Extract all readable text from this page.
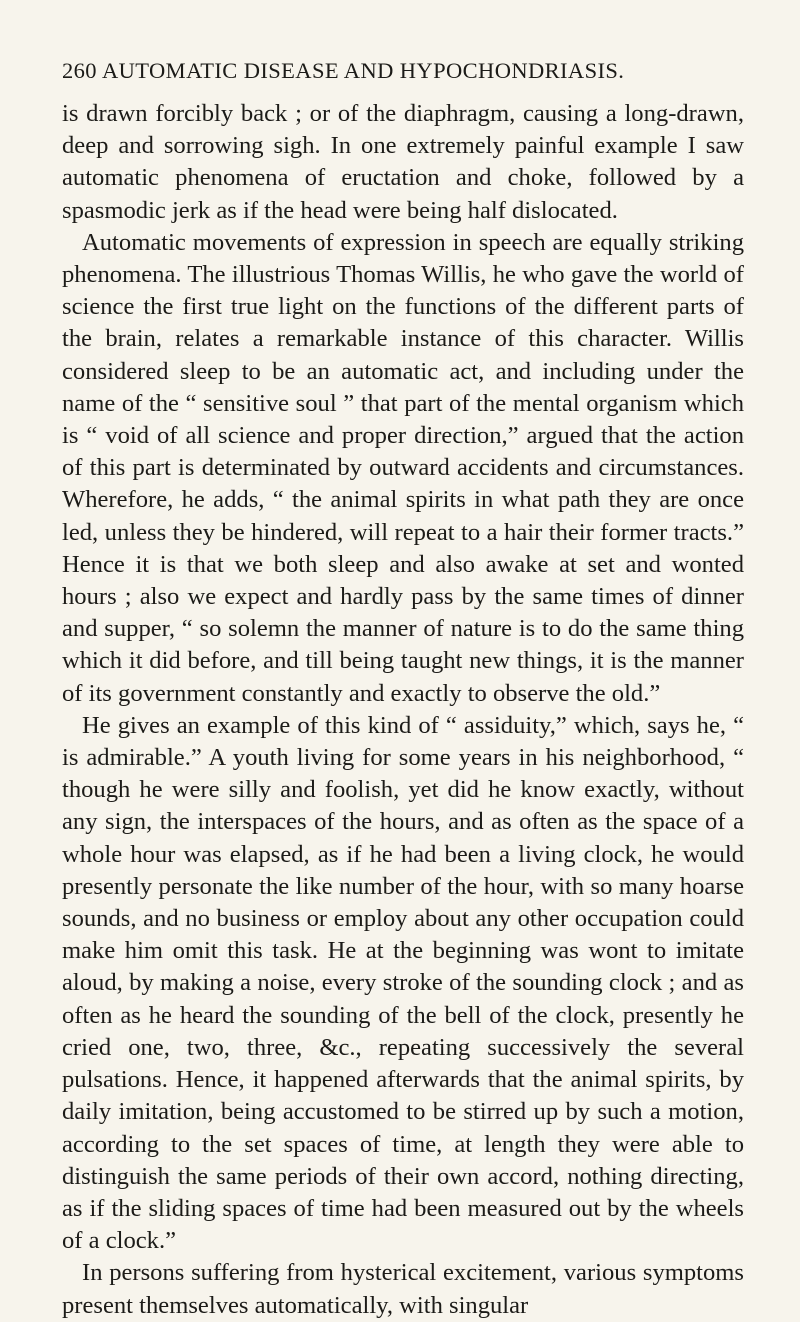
260 AUTOMATIC DISEASE AND HYPOCHONDRIASIS.

is drawn forcibly back ; or of the diaphragm, causing a long-drawn, deep and sorrowing sigh. In one extremely painful example I saw automatic phenomena of eructation and choke, followed by a spasmodic jerk as if the head were being half dislocated.

Automatic movements of expression in speech are equally striking phenomena. The illustrious Thomas Willis, he who gave the world of science the first true light on the functions of the different parts of the brain, relates a remarkable instance of this character. Willis considered sleep to be an automatic act, and including under the name of the “ sensitive soul ” that part of the mental organism which is “ void of all science and proper direction,” argued that the action of this part is determinated by outward accidents and circumstances. Wherefore, he adds, “ the animal spirits in what path they are once led, unless they be hindered, will repeat to a hair their former tracts.” Hence it is that we both sleep and also awake at set and wonted hours ; also we expect and hardly pass by the same times of dinner and supper, “ so solemn the manner of nature is to do the same thing which it did before, and till being taught new things, it is the manner of its government constantly and exactly to observe the old.”

He gives an example of this kind of “ assiduity,” which, says he, “ is admirable.” A youth living for some years in his neighborhood, “ though he were silly and foolish, yet did he know exactly, without any sign, the interspaces of the hours, and as often as the space of a whole hour was elapsed, as if he had been a living clock, he would presently personate the like number of the hour, with so many hoarse sounds, and no business or employ about any other occupation could make him omit this task. He at the beginning was wont to imitate aloud, by making a noise, every stroke of the sounding clock ; and as often as he heard the sounding of the bell of the clock, presently he cried one, two, three, &c., repeating successively the several pulsations. Hence, it happened afterwards that the animal spirits, by daily imitation, being accustomed to be stirred up by such a motion, according to the set spaces of time, at length they were able to distinguish the same periods of their own accord, nothing directing, as if the sliding spaces of time had been measured out by the wheels of a clock.”

In persons suffering from hysterical excitement, various symptoms present themselves automatically, with singular
